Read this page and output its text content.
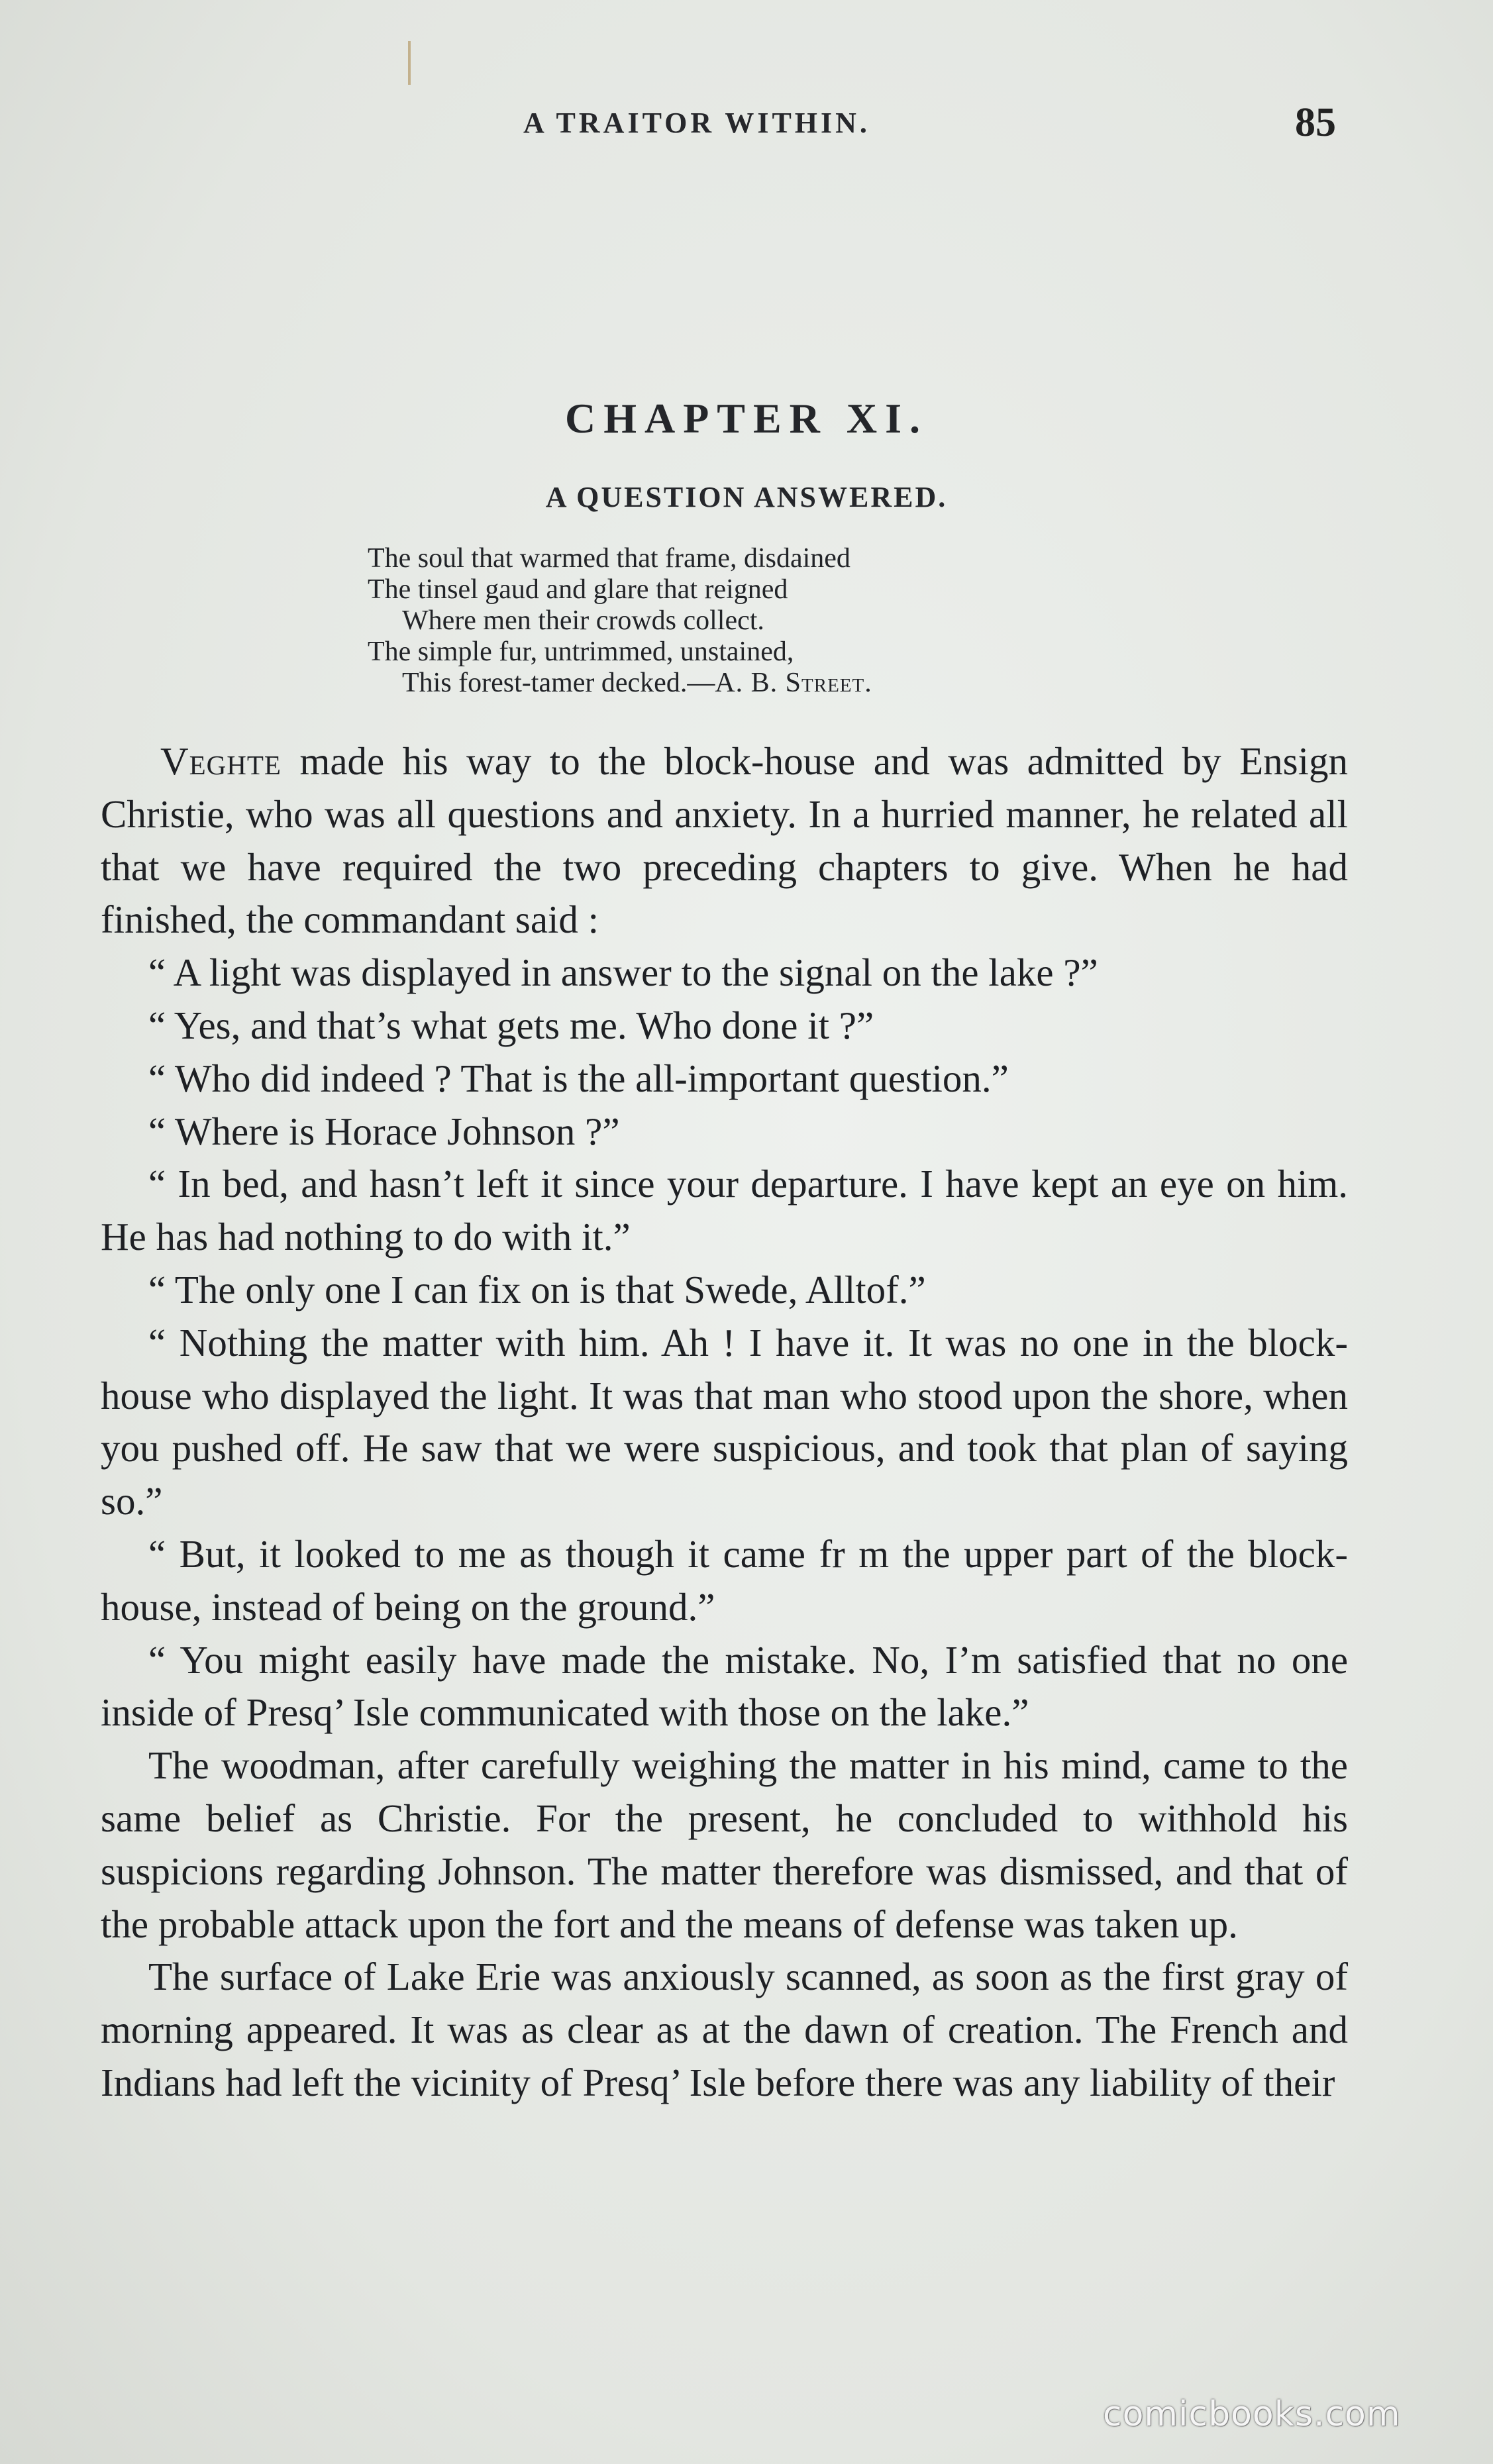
A TRAITOR WITHIN.	85
CHAPTER XI.
A QUESTION ANSWERED.
The soul that warmed that frame, disdained
The tinsel gaud and glare that reigned
Where men their crowds collect.
The simple fur, untrimmed, unstained,
This forest-tamer decked.—A. B. Street.

Veghte made his way to the block-house and was admitted by Ensign Christie, who was all questions and anxiety. In a hurried manner, he related all that we have required the two preceding chapters to give. When he had finished, the commandant said :

“ A light was displayed in answer to the signal on the lake ?”

“ Yes, and that’s what gets me. Who done it ?”

“ Who did indeed ? That is the all-important question.”

“ Where is Horace Johnson ?”

“ In bed, and hasn’t left it since your departure. I have kept an eye on him. He has had nothing to do with it.”

“ The only one I can fix on is that Swede, Alltof.”

“ Nothing the matter with him. Ah ! I have it. It was no one in the block-house who displayed the light. It was that man who stood upon the shore, when you pushed off. He saw that we were suspicious, and took that plan of saying so.”

“ But, it looked to me as though it came fr m the upper part of the block-house, instead of being on the ground.”

“ You might easily have made the mistake. No, I’m satisfied that no one inside of Presq’ Isle communicated with those on the lake.”

The woodman, after carefully weighing the matter in his mind, came to the same belief as Christie. For the present, he concluded to withhold his suspicions regarding Johnson. The matter therefore was dismissed, and that of the probable attack upon the fort and the means of defense was taken up.

The surface of Lake Erie was anxiously scanned, as soon as the first gray of morning appeared. It was as clear as at the dawn of creation. The French and Indians had left the vicinity of Presq’ Isle before there was any liability of their

comicbooks.com
